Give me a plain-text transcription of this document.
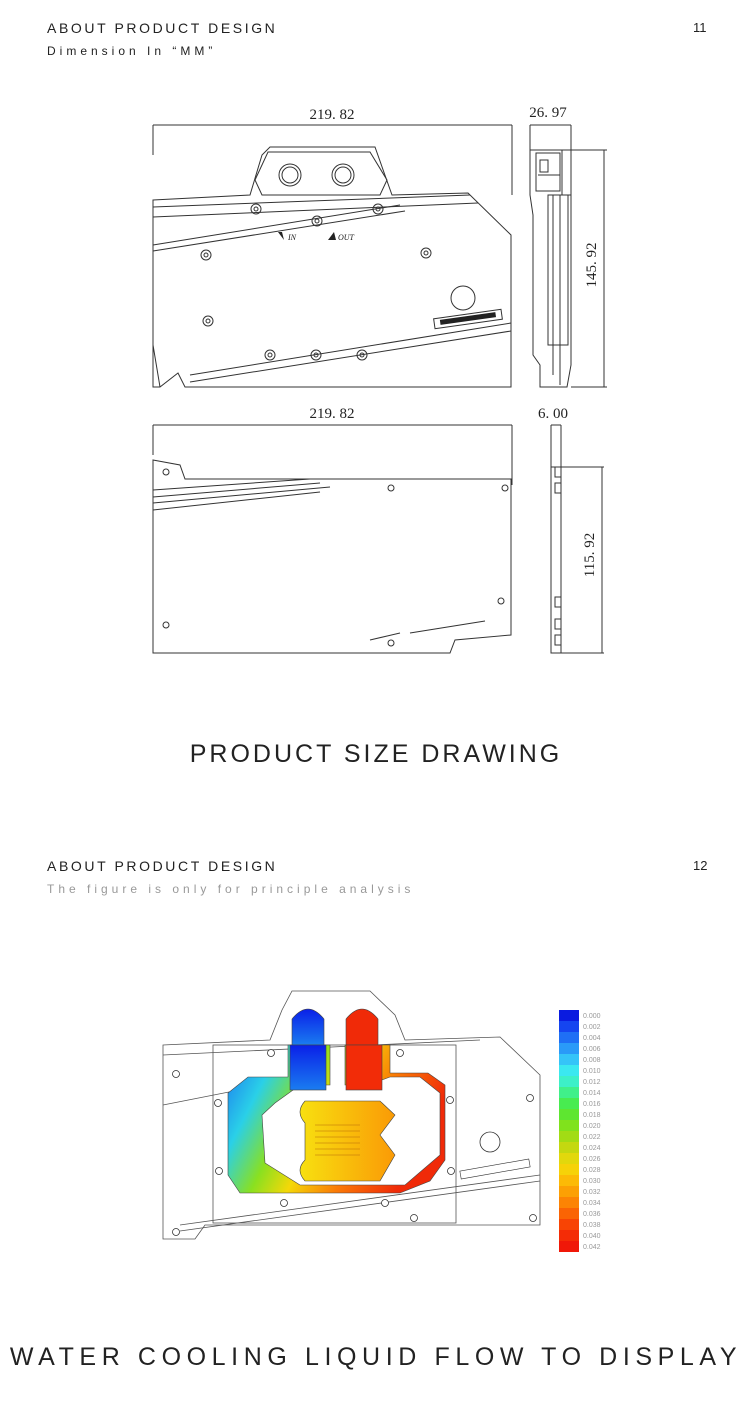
ABOUT PRODUCT DESIGN
Dimension In “MM”
11
219. 82	26. 97
145. 92
219. 82	6. 00
115. 92
IN	OUT
PRODUCT SIZE DRAWING
ABOUT PRODUCT DESIGN
The figure is only for principle analysis
12
0.000
0.002
0.004
0.006
0.008
0.010
0.012
0.014
0.016
0.018
0.020
0.022
0.024
0.026
0.028
0.030
0.032
0.034
0.036
0.038
0.040
0.042
WATER COOLING LIQUID FLOW TO DISPLAY
